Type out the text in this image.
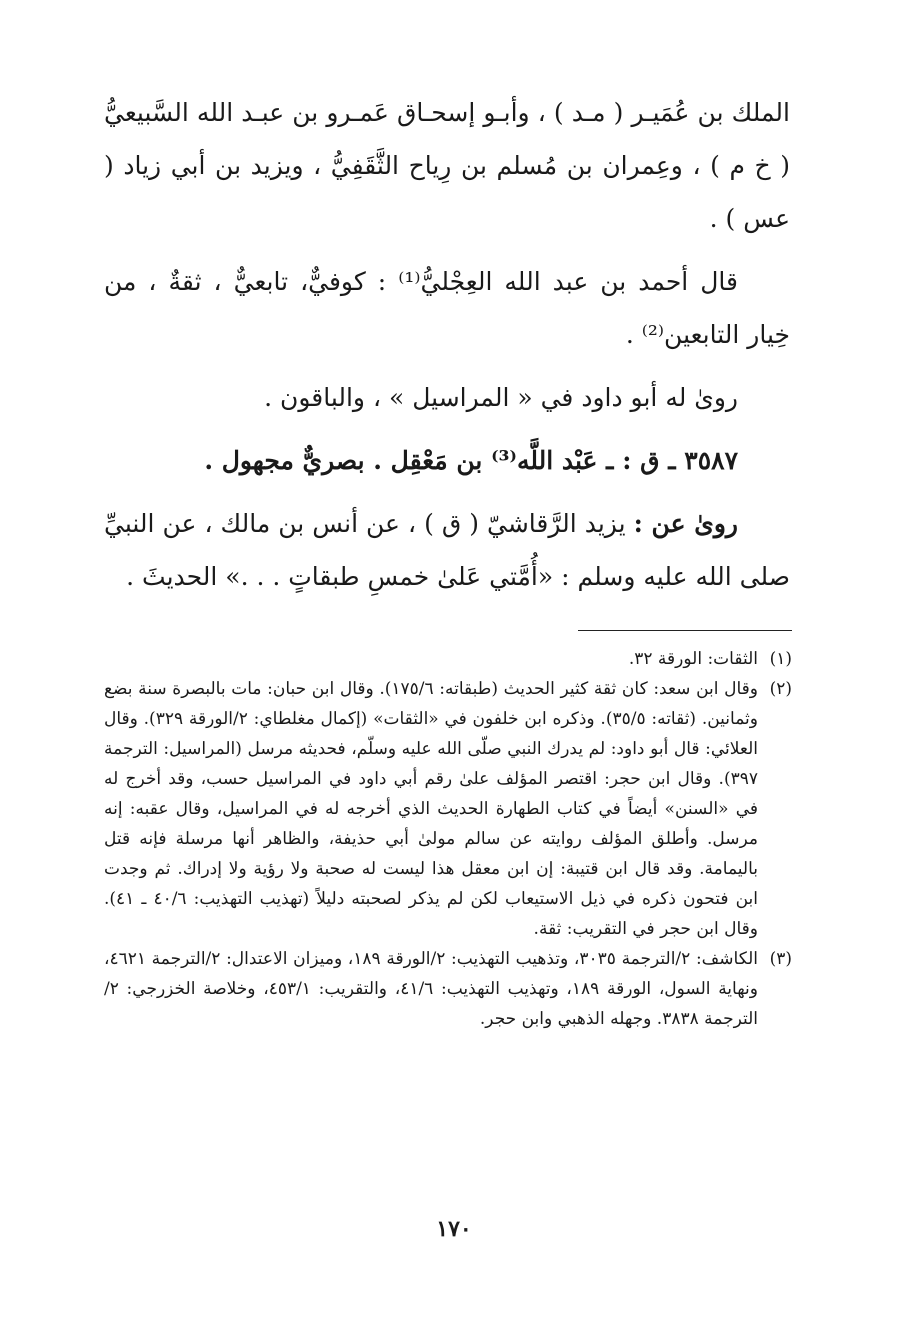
الملك بن عُمَيـر ( مـد ) ، وأبـو إسحـاق عَمـرو بن عبـد الله السَّبيعيُّ ( خ م ) ، وعِمران بن مُسلم بن رِياح الثَّقَفِيُّ ، ويزيد بن أبي زياد ( عس ) .

قال أحمد بن عبد الله العِجْليُّ⁽¹⁾ : كوفيٌّ، تابعيٌّ ، ثقةٌ ، من خِيار التابعين⁽²⁾ .

روىٰ له أبو داود في « المراسيل » ، والباقون .

٣٥٨٧ ـ ق : ـ عَبْد اللَّه⁽³⁾ بن مَعْقِل . بصريٌّ مجهول .

روىٰ عن : يزيد الرَّقاشيّ ( ق ) ، عن أنس بن مالك ، عن النبيِّ صلى الله عليه وسلم : «أُمَّتي عَلىٰ خمسِ طبقاتٍ . . .» الحديثَ .

(١)
الثقات: الورقة ٣٢.

(٢)
وقال ابن سعد: كان ثقة كثير الحديث (طبقاته: ١٧٥/٦). وقال ابن حبان: مات بالبصرة سنة بضع وثمانين. (ثقاته: ٣٥/٥). وذكره ابن خلفون في «الثقات» (إكمال مغلطاي: ٢/الورقة ٣٢٩). وقال العلائي: قال أبو داود: لم يدرك النبي صلّى الله عليه وسلّم، فحديثه مرسل (المراسيل: الترجمة ٣٩٧). وقال ابن حجر: اقتصر المؤلف علىٰ رقم أبي داود في المراسيل حسب، وقد أخرج له في «السنن» أيضاً في كتاب الطهارة الحديث الذي أخرجه له في المراسيل، وقال عقبه: إنه مرسل. وأطلق المؤلف روايته عن سالم مولىٰ أبي حذيفة، والظاهر أنها مرسلة فإنه قتل باليمامة. وقد قال ابن قتيبة: إن ابن معقل هذا ليست له صحبة ولا رؤية ولا إدراك. ثم وجدت ابن فتحون ذكره في ذيل الاستيعاب لكن لم يذكر لصحبته دليلاً (تهذيب التهذيب: ٤٠/٦ ـ ٤١). وقال ابن حجر في التقريب: ثقة.

(٣)
الكاشف: ٢/الترجمة ٣٠٣٥، وتذهيب التهذيب: ٢/الورقة ١٨٩، وميزان الاعتدال: ٢/الترجمة ٤٦٢١، ونهاية السول، الورقة ١٨٩، وتهذيب التهذيب: ٤١/٦، والتقريب: ٤٥٣/١، وخلاصة الخزرجي: ٢/الترجمة ٣٨٣٨. وجهله الذهبي وابن حجر.

١٧٠
